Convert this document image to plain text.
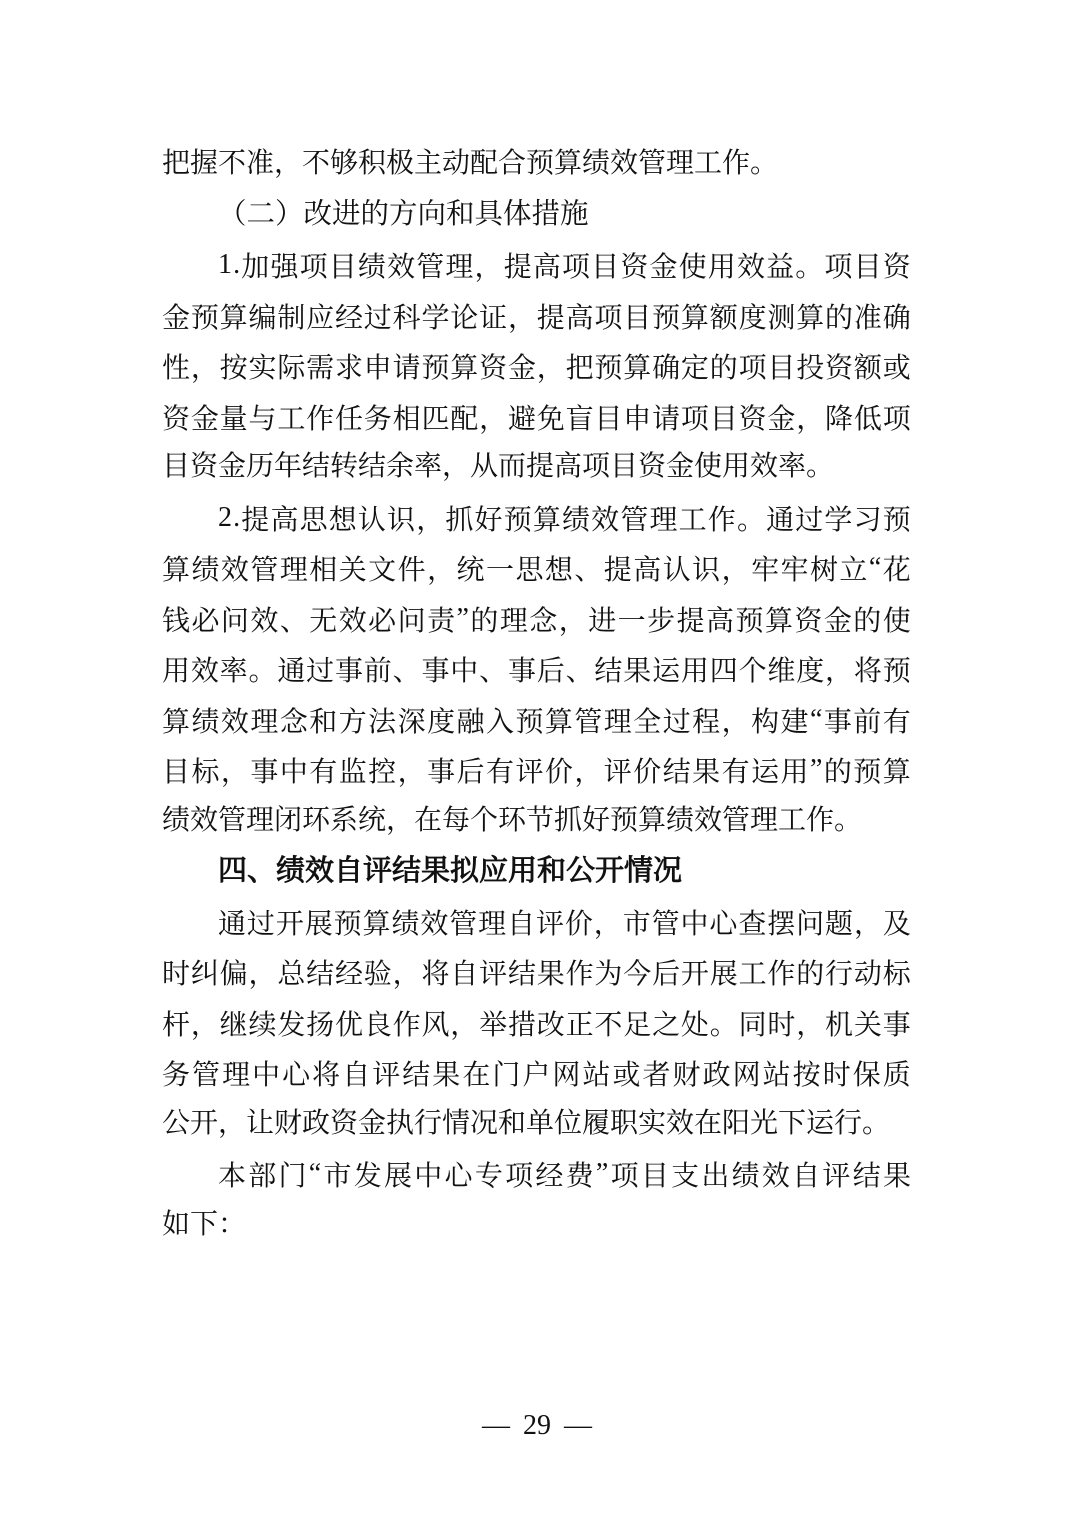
把握不准，不够积极主动配合预算绩效管理工作。
（二）改进的方向和具体措施
1 . 加 强 项 目 绩 效 管 理 ， 提 高 项 目 资 金 使 用 效 益 。 项 目 资
金 预 算 编 制 应 经 过 科 学 论 证 ， 提 高 项 目 预 算 额 度 测 算 的 准 确
性 ， 按 实 际 需 求 申 请 预 算 资 金 ， 把 预 算 确 定 的 项 目 投 资 额 或
资 金 量 与 工 作 任 务 相 匹 配 ， 避 免 盲 目 申 请 项 目 资 金 ， 降 低 项
目资金历年结转结余率，从而提高项目资金使用效率。
2 . 提 高 思 想 认 识 ， 抓 好 预 算 绩 效 管 理 工 作 。 通 过 学 习 预
算 绩 效 管 理 相 关 文 件 ， 统 一 思 想 、 提 高 认 识 ， 牢 牢 树 立 “ 花
钱 必 问 效 、 无 效 必 问 责 ” 的 理 念 ， 进 一 步 提 高 预 算 资 金 的 使
用 效 率 。 通 过 事 前 、 事 中 、 事 后 、 结 果 运 用 四 个 维 度 ， 将 预
算 绩 效 理 念 和 方 法 深 度 融 入 预 算 管 理 全 过 程 ， 构 建 “ 事 前 有
目 标 ， 事 中 有 监 控 ， 事 后 有 评 价 ， 评 价 结 果 有 运 用 ” 的 预 算
绩效管理闭环系统，在每个环节抓好预算绩效管理工作。
四、绩效自评结果拟应用和公开情况
通 过 开 展 预 算 绩 效 管 理 自 评 价 ， 市 管 中 心 查 摆 问 题 ， 及
时 纠 偏 ， 总 结 经 验 ， 将 自 评 结 果 作 为 今 后 开 展 工 作 的 行 动 标
杆 ， 继 续 发 扬 优 良 作 风 ， 举 措 改 正 不 足 之 处 。 同 时 ， 机 关 事
务 管 理 中 心 将 自 评 结 果 在 门 户 网 站 或 者 财 政 网 站 按 时 保 质
公开，让财政资金执行情况和单位履职实效在阳光下运行。
本 部 门 “ 市 发 展 中 心 专 项 经 费 ” 项 目 支 出 绩 效 自 评 结 果
如下：
— 29 —
